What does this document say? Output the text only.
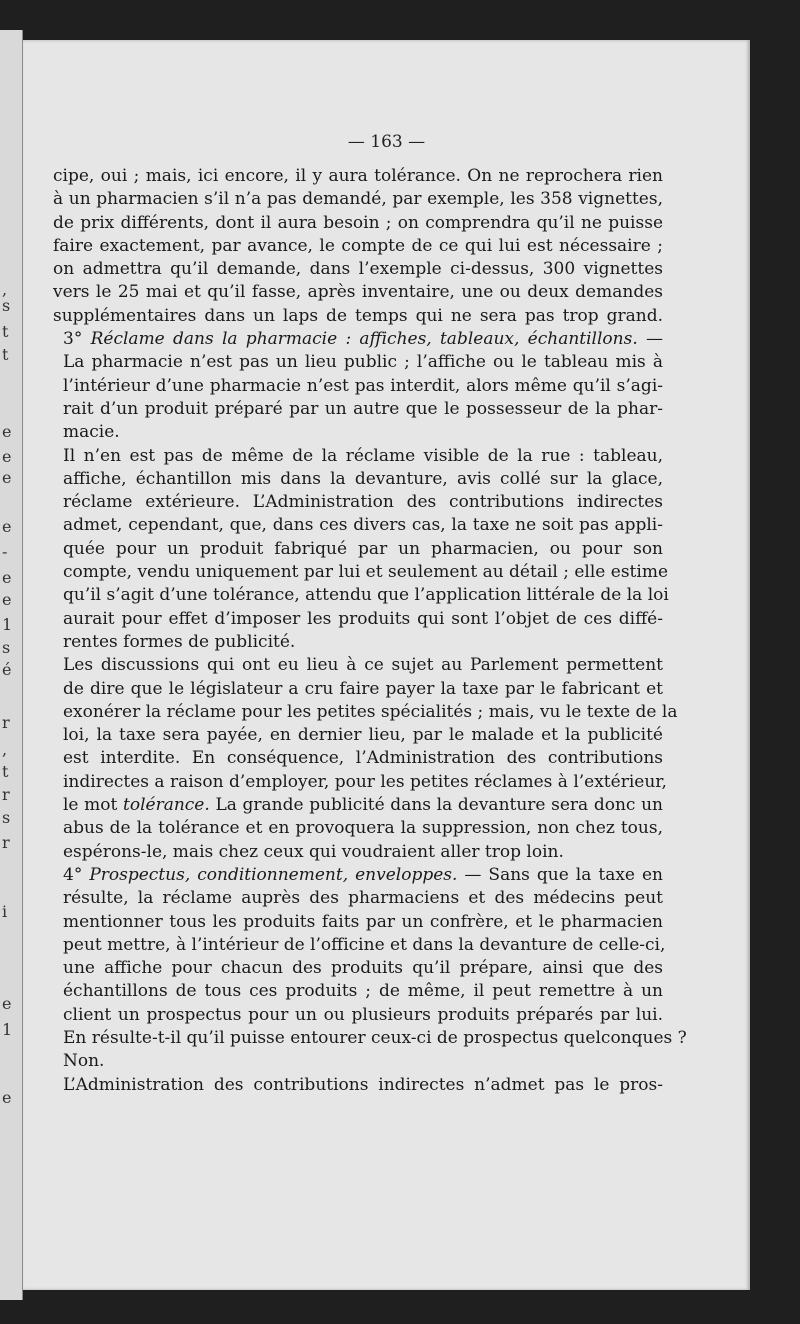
,
s
t
t
e
e
e
e
-
e
e
1
s
é
r
,
t
r
s
r
i
e
1
e
— 163 —

cipe, oui ; mais, ici encore, il y aura tolérance. On ne reprochera rien
à un pharmacien s’il n’a pas demandé, par exemple, les 358 vignettes,
de prix différents, dont il aura besoin ; on comprendra qu’il ne puisse
faire exactement, par avance, le compte de ce qui lui est nécessaire ;
on admettra qu’il demande, dans l’exemple ci-dessus, 300 vignettes
vers le 25 mai et qu’il fasse, après inventaire, une ou deux demandes
supplémentaires dans un laps de temps qui ne sera pas trop grand.

3° Réclame dans la pharmacie : affiches, tableaux, échantillons. —
La pharmacie n’est pas un lieu public ; l’affiche ou le tableau mis à
l’intérieur d’une pharmacie n’est pas interdit, alors même qu’il s’agi-
rait d’un produit préparé par un autre que le possesseur de la phar-
macie.

Il n’en est pas de même de la réclame visible de la rue : tableau,
affiche, échantillon mis dans la devanture, avis collé sur la glace,
réclame extérieure. L’Administration des contributions indirectes
admet, cependant, que, dans ces divers cas, la taxe ne soit pas appli-
quée pour un produit fabriqué par un pharmacien, ou pour son
compte, vendu uniquement par lui et seulement au détail ; elle estime
qu’il s’agit d’une tolérance, attendu que l’application littérale de la loi
aurait pour effet d’imposer les produits qui sont l’objet de ces diffé-
rentes formes de publicité.

Les discussions qui ont eu lieu à ce sujet au Parlement permettent
de dire que le législateur a cru faire payer la taxe par le fabricant et
exonérer la réclame pour les petites spécialités ; mais, vu le texte de la
loi, la taxe sera payée, en dernier lieu, par le malade et la publicité
est interdite. En conséquence, l’Administration des contributions
indirectes a raison d’employer, pour les petites réclames à l’extérieur,
le mot tolérance. La grande publicité dans la devanture sera donc un
abus de la tolérance et en provoquera la suppression, non chez tous,
espérons-le, mais chez ceux qui voudraient aller trop loin.

4° Prospectus, conditionnement, enveloppes. — Sans que la taxe en
résulte, la réclame auprès des pharmaciens et des médecins peut
mentionner tous les produits faits par un confrère, et le pharmacien
peut mettre, à l’intérieur de l’officine et dans la devanture de celle-ci,
une affiche pour chacun des produits qu’il prépare, ainsi que des
échantillons de tous ces produits ; de même, il peut remettre à un
client un prospectus pour un ou plusieurs produits préparés par lui.
En résulte-t-il qu’il puisse entourer ceux-ci de prospectus quelconques ?
Non.

L’Administration des contributions indirectes n’admet pas le pros-
